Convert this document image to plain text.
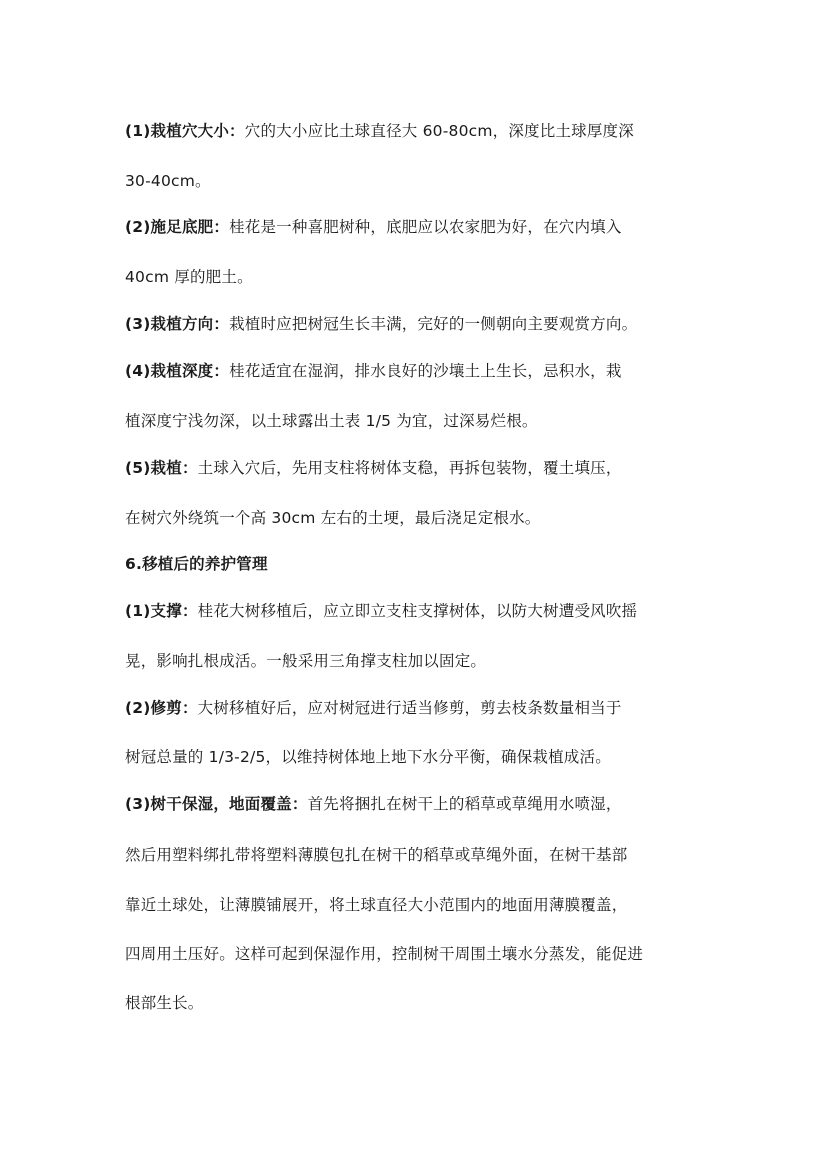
(1)栽植穴大小：穴的大小应比土球直径大 60-80cm，深度比土球厚度深
30-40cm。
(2)施足底肥：桂花是一种喜肥树种，底肥应以农家肥为好，在穴内填入
40cm 厚的肥土。
(3)栽植方向：栽植时应把树冠生长丰满，完好的一侧朝向主要观赏方向。
(4)栽植深度：桂花适宜在湿润，排水良好的沙壤土上生长，忌积水，栽
植深度宁浅勿深，以土球露出土表 1/5 为宜，过深易烂根。
(5)栽植：土球入穴后，先用支柱将树体支稳，再拆包装物，覆土填压，
在树穴外绕筑一个高 30cm 左右的土埂，最后浇足定根水。
6.移植后的养护管理
(1)支撑：桂花大树移植后，应立即立支柱支撑树体，以防大树遭受风吹摇
晃，影响扎根成活。一般采用三角撑支柱加以固定。
(2)修剪：大树移植好后，应对树冠进行适当修剪，剪去枝条数量相当于
树冠总量的 1/3-2/5，以维持树体地上地下水分平衡，确保栽植成活。
(3)树干保湿，地面覆盖：首先将捆扎在树干上的稻草或草绳用水喷湿，
然后用塑料绑扎带将塑料薄膜包扎在树干的稻草或草绳外面，在树干基部
靠近土球处，让薄膜铺展开，将土球直径大小范围内的地面用薄膜覆盖，
四周用土压好。这样可起到保湿作用，控制树干周围土壤水分蒸发，能促进
根部生长。
